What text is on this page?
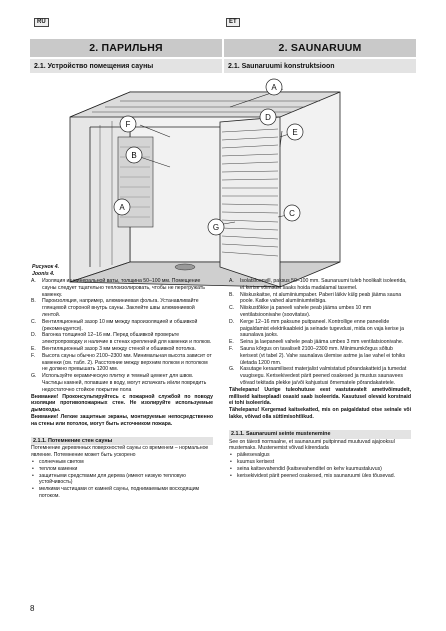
RU	ET
2. ПАРИЛЬНЯ	2. SAUNARUUM
2.1. Устройство помещения сауны	2.1. Saunaruumi konstruktsioon
A
A
C
D
E
F
G
B
Рисунок 4.
Joonis 4.
A. Изоляция из минеральной ваты, толщина 50–100 мм. Помещение сауны следует тщательно теплоизолировать, чтобы не перегружать каменку.
B. Пароизоляция, например, алюминиевая фольга. Устанавливайте глянцевой стороной внутрь сауны. Заклейте швы алюминиевой лентой.
C. Вентиляционный зазор 10 мм между пароизоляцией и обшивкой (рекомендуется).
D. Вагонка толщиной 12–16 мм. Перед обшивкой проверьте электропроводку и наличие в стенах креплений для каменки и полков.
E. Вентиляционный зазор 3 мм между стеной и обшивкой потолка.
F. Высота сауны обычно 2100–2300 мм. Минимальная высота зависит от каменки (см. табл. 2). Расстояние между верхним полком и потолком не должно превышать 1200 мм.
G. Используйте керамическую плитку и темный цемент для швов. Частицы камней, попавшие в воду, могут испачкать и/или повредить недостаточно стойкое покрытие пола

Внимание! Проконсультируйтесь с пожарной службой по поводу изоляции противопожарных стен. Не изолируйте используемые дымоходы.

Внимание! Легкие защитные экраны, монтируемые непосредственно на стены или потолок, могут быть источником пожара.

2.1.1. Потемнение стен сауны

Потемнение деревянных поверхностей сауны со временем – нормальное явление. Потемнение может быть ускорено

• солнечным светом
• теплом каменки
• защитными средствами для дерева (имеют низкую тепловую устойчивость)
• мелкими частицами от камней сауны, поднимаемыми восходящим потоком.
A. Isolatsioonvill, paksus 50–100 mm. Saunaruumi tuleb hoolikalt isoleerida, et kerise võimsust saaks hoida madalamal tasemel.
B. Niiskuskaitse, nt alumiiniumpaber. Paberi läikiv külg peab jääma sauna poole. Katke vahed alumiiniumteibiga.
C. Niiskustõkke ja paneeli vahele peab jääma umbes 10 mm ventilatsioonivahe (soovitatav).
D. Kerge 12–16 mm paksune puitpaneel. Kontrollige enne paneelide paigaldamist elektrikaableid ja seinade tugevdusi, mida on vaja kerise ja saunalava jaoks.
E. Seina ja laepaneeli vahele peab jääma umbes 3 mm ventilatsioonivahe.
F. Sauna kõrgus on tavaliselt 2100–2300 mm. Miinimumkõrgus sõltub kerisest (vt tabel 2). Vahe saunalava ülemise astme ja lae vahel ei tohiks ületada 1200 mm.
G. Kasutage keraamilisest materjalist valmistatud põrandakatteid ja tumedat vuugisegu. Kerisekivedest pärit peened osakesed ja mustus saunavees võivad tekitada plekke ja/või kahjustusi õrnematele põrandakatetele.

Tähelepanu! Uurige tuleohutuse eest vastutavatelt ametivõimudelt, milliseid kaitseplaadi osasid saab isoleerida. Kasutusel olevaid korstnaid ei tohi isoleerida.

Tähelepanu! Kergemad kaitsekatted, mis on paigaldatud otse seinale või lakke, võivad olla süttimisohtlikud.

2.1.1. Saunaruumi seinte mustenemine

See on täiesti normaalne, et saunaruumi puitpinnad muutuvad ajajooksul mustemaks. Mustenemist võivad kiirendada

• päikesevalgus
• kuumus kerisest
• seina kaitsevahendid (kaitsevahenditel on kehv kuumustaluvus)
• kerisekividest pärit peened osakesed, mis saunaruumi üles tõusevad.
8
